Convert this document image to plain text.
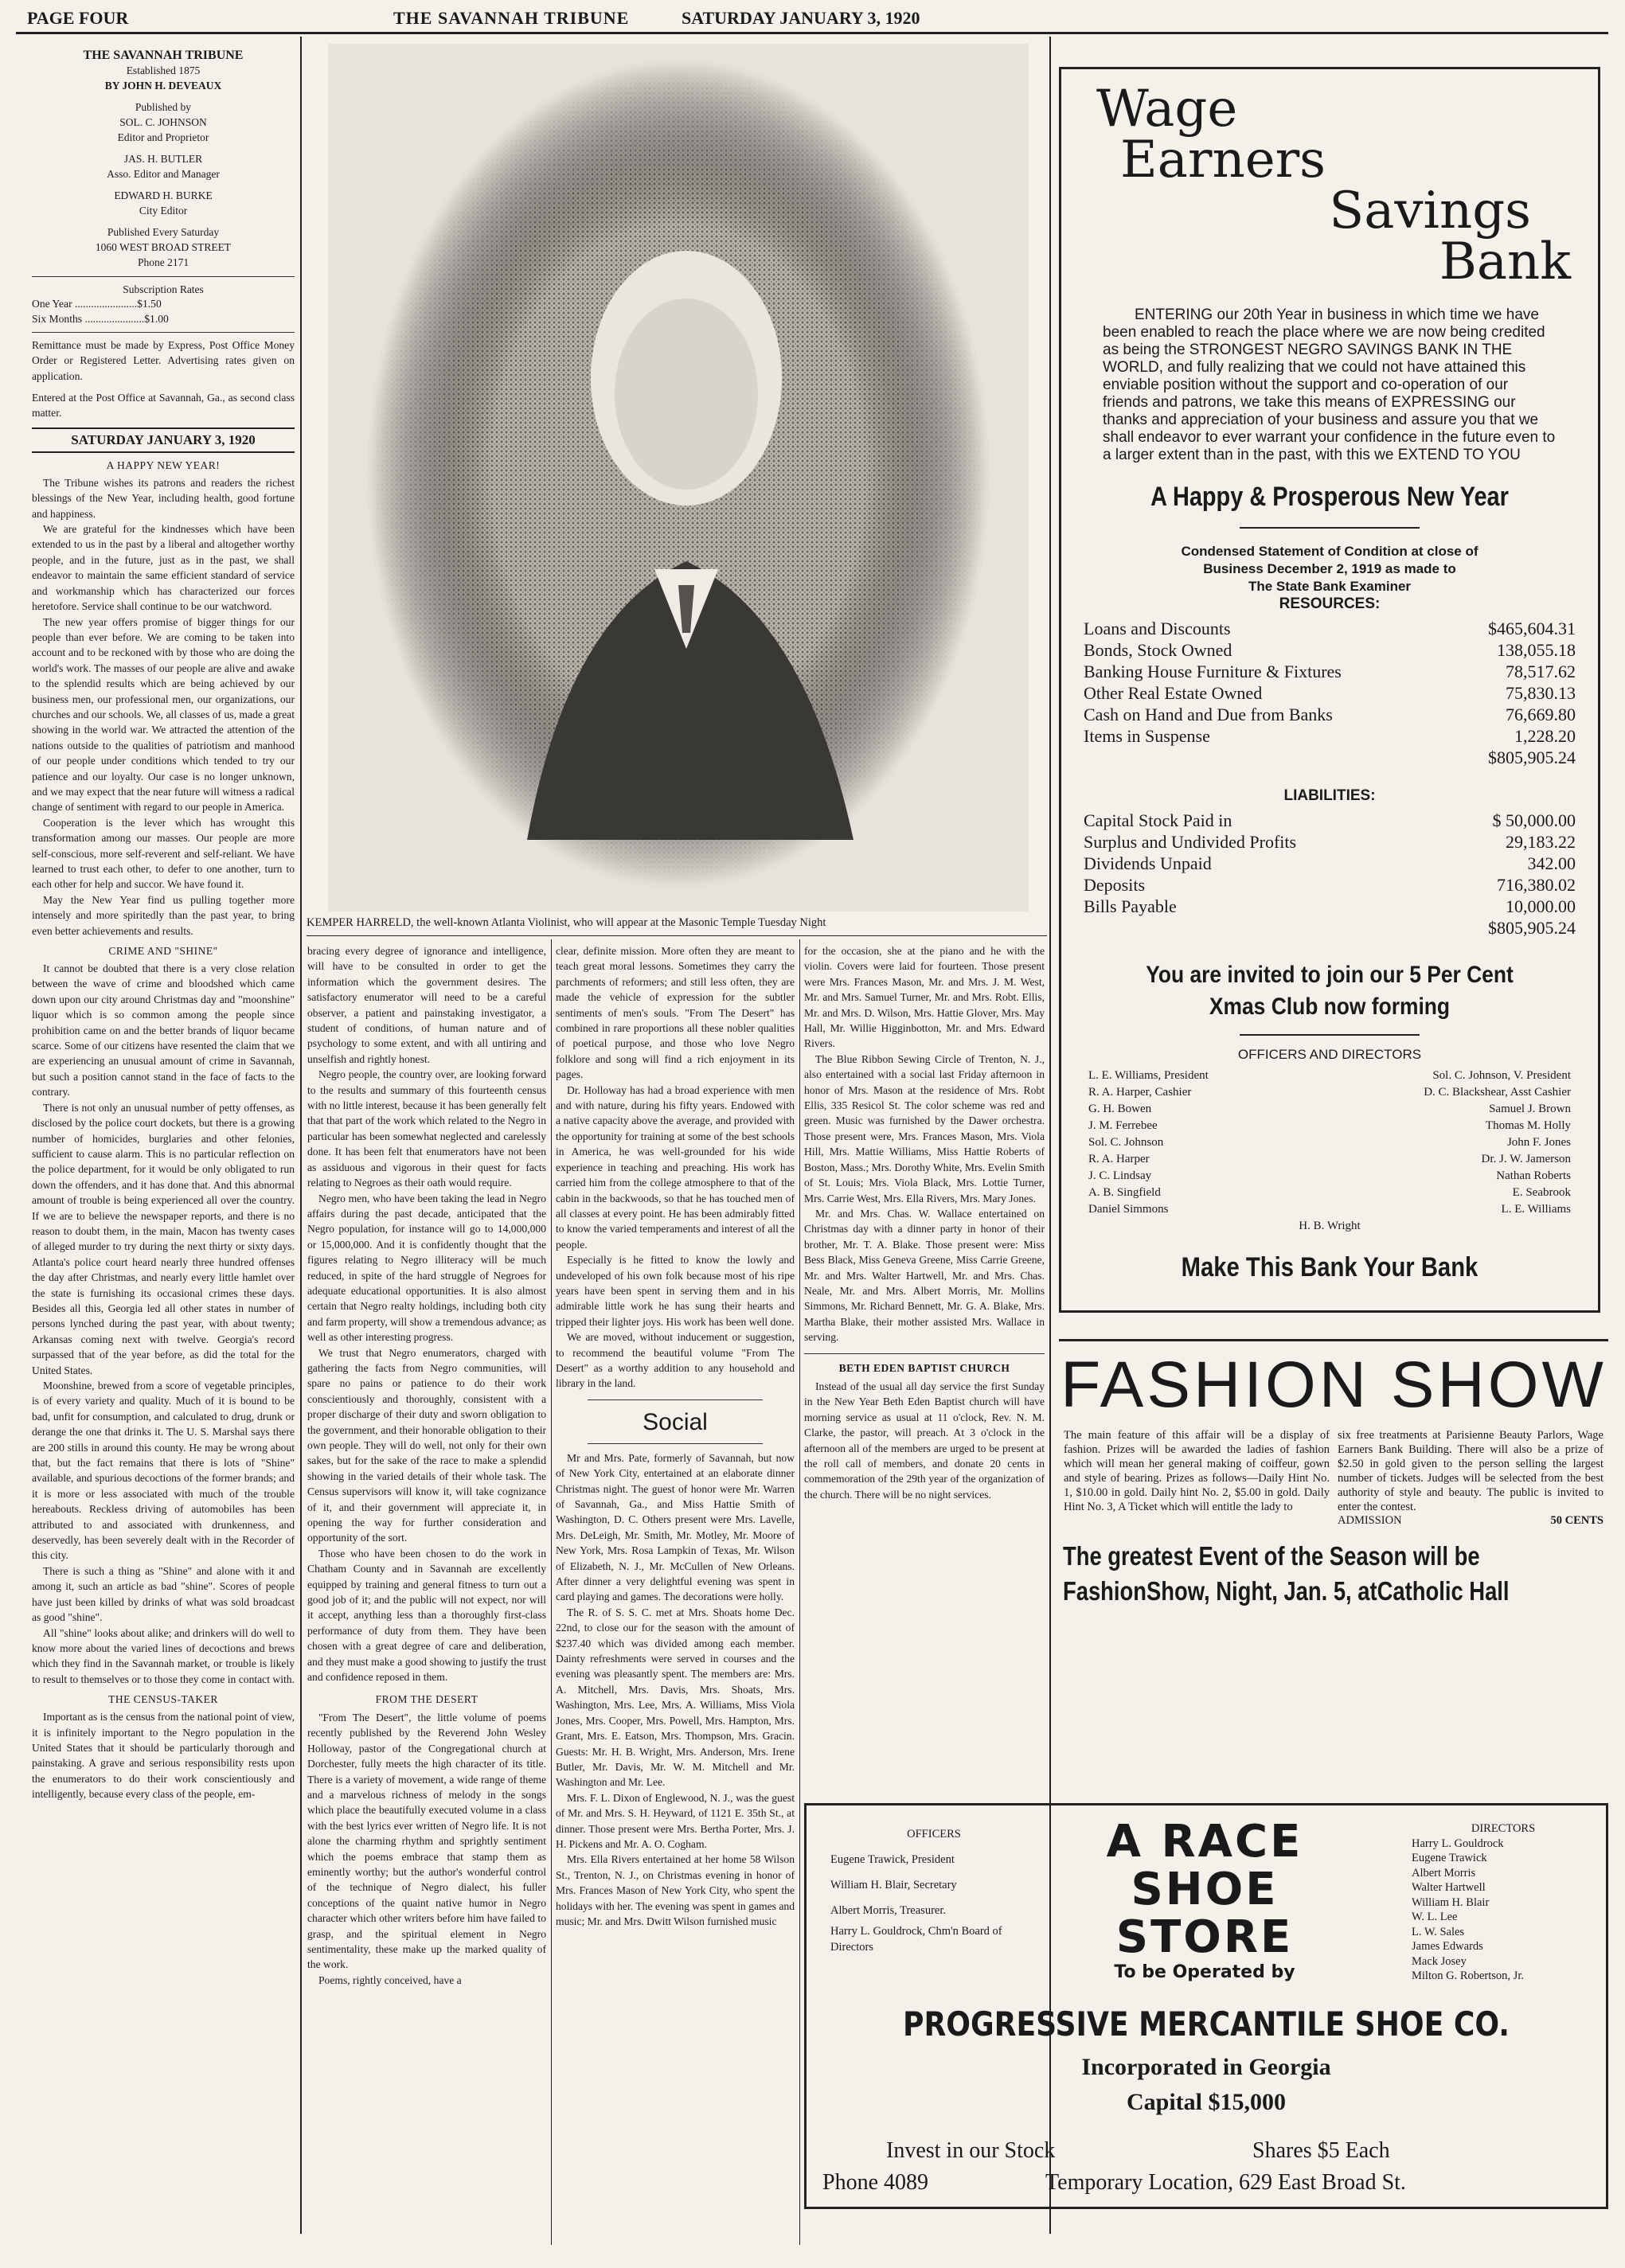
PAGE FOUR	THE SAVANNAH TRIBUNE	SATURDAY JANUARY 3, 1920
THE SAVANNAH TRIBUNE
Established 1875
BY JOHN H. DEVEAUX
Published by
SOL. C. JOHNSON
Editor and Proprietor
JAS. H. BUTLER
Asso. Editor and Manager
EDWARD H. BURKE
City Editor
Published Every Saturday
1060 WEST BROAD STREET
Phone 2171
Subscription Rates
One Year .......................$1.50
Six Months ......................$1.00
Remittance must be made by Express, Post Office Money Order or Registered Letter. Advertising rates given on application.
Entered at the Post Office at Savannah, Ga., as second class matter.
SATURDAY JANUARY 3, 1920
A HAPPY NEW YEAR!

The Tribune wishes its patrons and readers the richest blessings of the New Year, including health, good fortune and happiness.

We are grateful for the kindnesses which have been extended to us in the past by a liberal and altogether worthy people, and in the future, just as in the past, we shall endeavor to maintain the same efficient standard of service and workmanship which has characterized our forces heretofore. Service shall continue to be our watchword.

The new year offers promise of bigger things for our people than ever before. We are coming to be taken into account and to be reckoned with by those who are doing the world's work. The masses of our people are alive and awake to the splendid results which are being achieved by our business men, our professional men, our organizations, our churches and our schools. We, all classes of us, made a great showing in the world war. We attracted the attention of the nations outside to the qualities of patriotism and manhood of our people under conditions which tended to try our patience and our loyalty. Our case is no longer unknown, and we may expect that the near future will witness a radical change of sentiment with regard to our people in America.

Cooperation is the lever which has wrought this transformation among our masses. Our people are more self-conscious, more self-reverent and self-reliant. We have learned to trust each other, to defer to one another, turn to each other for help and succor. We have found it.

May the New Year find us pulling together more intensely and more spiritedly than the past year, to bring even better achievements and results.

CRIME AND "SHINE"

It cannot be doubted that there is a very close relation between the wave of crime and bloodshed which came down upon our city around Christmas day and "moonshine" liquor which is so common among the people since prohibition came on and the better brands of liquor became scarce. Some of our citizens have resented the claim that we are experiencing an unusual amount of crime in Savannah, but such a position cannot stand in the face of facts to the contrary.

There is not only an unusual number of petty offenses, as disclosed by the police court dockets, but there is a growing number of homicides, burglaries and other felonies, sufficient to cause alarm. This is no particular reflection on the police department, for it would be only obligated to run down the offenders, and it has done that. And this abnormal amount of trouble is being experienced all over the country. If we are to believe the newspaper reports, and there is no reason to doubt them, in the main, Macon has twenty cases of alleged murder to try during the next thirty or sixty days. Atlanta's police court heard nearly three hundred offenses the day after Christmas, and nearly every little hamlet over the state is furnishing its occasional crimes these days. Besides all this, Georgia led all other states in number of persons lynched during the past year, with about twenty; Arkansas coming next with twelve. Georgia's record surpassed that of the year before, as did the total for the United States.

Moonshine, brewed from a score of vegetable principles, is of every variety and quality. Much of it is bound to be bad, unfit for consumption, and calculated to drug, drunk or derange the one that drinks it. The U. S. Marshal says there are 200 stills in around this county. He may be wrong about that, but the fact remains that there is lots of "Shine" available, and spurious decoctions of the former brands; and it is more or less associated with much of the trouble hereabouts. Reckless driving of automobiles has been attributed to and associated with drunkenness, and deservedly, has been severely dealt with in the Recorder of this city.

There is such a thing as "Shine" and alone with it and among it, such an article as bad "shine". Scores of people have just been killed by drinks of what was sold broadcast as good "shine".

All "shine" looks about alike; and drinkers will do well to know more about the varied lines of decoctions and brews which they find in the Savannah market, or trouble is likely to result to themselves or to those they come in contact with.

THE CENSUS-TAKER

Important as is the census from the national point of view, it is infinitely important to the Negro population in the United States that it should be particularly thorough and painstaking. A grave and serious responsibility rests upon the enumerators to do their work conscientiously and intelligently, because every class of the people, em-

KEMPER HARRELD, the well-known Atlanta Violinist, who will appear at the Masonic Temple Tuesday Night

bracing every degree of ignorance and intelligence, will have to be consulted in order to get the information which the government desires. The satisfactory enumerator will need to be a careful observer, a patient and painstaking investigator, a student of conditions, of human nature and of psychology to some extent, and with all untiring and unselfish and rightly honest.

Negro people, the country over, are looking forward to the results and summary of this fourteenth census with no little interest, because it has been generally felt that that part of the work which related to the Negro in particular has been somewhat neglected and carelessly done. It has been felt that enumerators have not been as assiduous and vigorous in their quest for facts relating to Negroes as their oath would require.

Negro men, who have been taking the lead in Negro affairs during the past decade, anticipated that the Negro population, for instance will go to 14,000,000 or 15,000,000. And it is confidently thought that the figures relating to Negro illiteracy will be much reduced, in spite of the hard struggle of Negroes for adequate educational opportunities. It is also almost certain that Negro realty holdings, including both city and farm property, will show a tremendous advance; as well as other interesting progress.

We trust that Negro enumerators, charged with gathering the facts from Negro communities, will spare no pains or patience to do their work conscientiously and thoroughly, consistent with a proper discharge of their duty and sworn obligation to the government, and their honorable obligation to their own people. They will do well, not only for their own sakes, but for the sake of the race to make a splendid showing in the varied details of their whole task. The Census supervisors will know it, will take cognizance of it, and their government will appreciate it, in opening the way for further consideration and opportunity of the sort.

Those who have been chosen to do the work in Chatham County and in Savannah are excellently equipped by training and general fitness to turn out a good job of it; and the public will not expect, nor will it accept, anything less than a thoroughly first-class performance of duty from them. They have been chosen with a great degree of care and deliberation, and they must make a good showing to justify the trust and confidence reposed in them.

FROM THE DESERT

"From The Desert", the little volume of poems recently published by the Reverend John Wesley Holloway, pastor of the Congregational church at Dorchester, fully meets the high character of its title. There is a variety of movement, a wide range of theme and a marvelous richness of melody in the songs which place the beautifully executed volume in a class with the best lyrics ever written of Negro life. It is not alone the charming rhythm and sprightly sentiment which the poems embrace that stamp them as eminently worthy; but the author's wonderful control of the technique of Negro dialect, his fuller conceptions of the quaint native humor in Negro character which other writers before him have failed to grasp, and the spiritual element in Negro sentimentality, these make up the marked quality of the work.

Poems, rightly conceived, have a

clear, definite mission. More often they are meant to teach great moral lessons. Sometimes they carry the parchments of reformers; and still less often, they are made the vehicle of expression for the subtler sentiments of men's souls. "From The Desert" has combined in rare proportions all these nobler qualities of poetical purpose, and those who love Negro folklore and song will find a rich enjoyment in its pages.

Dr. Holloway has had a broad experience with men and with nature, during his fifty years. Endowed with a native capacity above the average, and provided with the opportunity for training at some of the best schools in America, he was well-grounded for his wide experience in teaching and preaching. His work has carried him from the college atmosphere to that of the cabin in the backwoods, so that he has touched men of all classes at every point. He has been admirably fitted to know the varied temperaments and interest of all the people.

Especially is he fitted to know the lowly and undeveloped of his own folk because most of his ripe years have been spent in serving them and in his admirable little work he has sung their hearts and tripped their lighter joys. His work has been well done.

We are moved, without inducement or suggestion, to recommend the beautiful volume "From The Desert" as a worthy addition to any household and library in the land.

Social

Mr and Mrs. Pate, formerly of Savannah, but now of New York City, entertained at an elaborate dinner Christmas night. The guest of honor were Mr. Warren of Savannah, Ga., and Miss Hattie Smith of Washington, D. C. Others present were Mrs. Lavelle, Mrs. DeLeigh, Mr. Smith, Mr. Motley, Mr. Moore of New York, Mrs. Rosa Lampkin of Texas, Mr. Wilson of Elizabeth, N. J., Mr. McCullen of New Orleans. After dinner a very delightful evening was spent in card playing and games. The decorations were holly.

The R. of S. S. C. met at Mrs. Shoats home Dec. 22nd, to close our for the season with the amount of $237.40 which was divided among each member. Dainty refreshments were served in courses and the evening was pleasantly spent. The members are: Mrs. A. Mitchell, Mrs. Davis, Mrs. Shoats, Mrs. Washington, Mrs. Lee, Mrs. A. Williams, Miss Viola Jones, Mrs. Cooper, Mrs. Powell, Mrs. Hampton, Mrs. Grant, Mrs. E. Eatson, Mrs. Thompson, Mrs. Gracin. Guests: Mr. H. B. Wright, Mrs. Anderson, Mrs. Irene Butler, Mr. Davis, Mr. W. M. Mitchell and Mr. Washington and Mr. Lee.

Mrs. F. L. Dixon of Englewood, N. J., was the guest of Mr. and Mrs. S. H. Heyward, of 1121 E. 35th St., at dinner. Those present were Mrs. Bertha Porter, Mrs. J. H. Pickens and Mr. A. O. Cogham.

Mrs. Ella Rivers entertained at her home 58 Wilson St., Trenton, N. J., on Christmas evening in honor of Mrs. Frances Mason of New York City, who spent the holidays with her. The evening was spent in games and music; Mr. and Mrs. Dwitt Wilson furnished music

for the occasion, she at the piano and he with the violin. Covers were laid for fourteen. Those present were Mrs. Frances Mason, Mr. and Mrs. J. M. West, Mr. and Mrs. Samuel Turner, Mr. and Mrs. Robt. Ellis, Mr. and Mrs. D. Wilson, Mrs. Hattie Glover, Mrs. May Hall, Mr. Willie Higginbotton, Mr. and Mrs. Edward Rivers.

The Blue Ribbon Sewing Circle of Trenton, N. J., also entertained with a social last Friday afternoon in honor of Mrs. Mason at the residence of Mrs. Robt Ellis, 335 Resicol St. The color scheme was red and green. Music was furnished by the Dawer orchestra. Those present were, Mrs. Frances Mason, Mrs. Viola Hill, Mrs. Mattie Williams, Miss Hattie Roberts of Boston, Mass.; Mrs. Dorothy White, Mrs. Evelin Smith of St. Louis; Mrs. Viola Black, Mrs. Lottie Turner, Mrs. Carrie West, Mrs. Ella Rivers, Mrs. Mary Jones.

Mr. and Mrs. Chas. W. Wallace entertained on Christmas day with a dinner party in honor of their brother, Mr. T. A. Blake. Those present were: Miss Bess Black, Miss Geneva Greene, Miss Carrie Greene, Mr. and Mrs. Walter Hartwell, Mr. and Mrs. Chas. Neale, Mr. and Mrs. Albert Morris, Mr. Mollins Simmons, Mr. Richard Bennett, Mr. G. A. Blake, Mrs. Martha Blake, their mother assisted Mrs. Wallace in serving.

BETH EDEN BAPTIST CHURCH

Instead of the usual all day service the first Sunday in the New Year Beth Eden Baptist church will have morning service as usual at 11 o'clock, Rev. N. M. Clarke, the pastor, will preach. At 3 o'clock in the afternoon all of the members are urged to be present at the roll call of members, and donate 20 cents in commemoration of the 29th year of the organization of the church. There will be no night services.

Wage
Earners
Savings
Bank
ENTERING our 20th Year in business in which time we have been enabled to reach the place where we are now being credited as being the STRONGEST NEGRO SAVINGS BANK IN THE WORLD, and fully realizing that we could not have attained this enviable position without the support and co-operation of our friends and patrons, we take this means of EXPRESSING our thanks and appreciation of your business and assure you that we shall endeavor to ever warrant your confidence in the future even to a larger extent than in the past, with this we EXTEND TO YOU
A Happy & Prosperous New Year
Condensed Statement of Condition at close of
Business December 2, 1919 as made to
The State Bank Examiner
RESOURCES:
Loans and Discounts	$465,604.31
Bonds, Stock Owned	138,055.18
Banking House Furniture & Fixtures	78,517.62
Other Real Estate Owned	75,830.13
Cash on Hand and Due from Banks	76,669.80
Items in Suspense	1,228.20
$805,905.24
LIABILITIES:
Capital Stock Paid in	$ 50,000.00
Surplus and Undivided Profits	29,183.22
Dividends Unpaid	342.00
Deposits	716,380.02
Bills Payable	10,000.00
$805,905.24
You are invited to join our 5 Per Cent Xmas Club now forming
OFFICERS AND DIRECTORS
L. E. Williams, President	Sol. C. Johnson, V. President
R. A. Harper, Cashier	D. C. Blackshear, Asst Cashier
G. H. Bowen	Samuel J. Brown
J. M. Ferrebee	Thomas M. Holly
Sol. C. Johnson	John F. Jones
R. A. Harper	Dr. J. W. Jamerson
J. C. Lindsay	Nathan Roberts
A. B. Singfield	E. Seabrook
Daniel Simmons	L. E. Williams
H. B. Wright
Make This Bank Your Bank
FASHION SHOW
The main feature of this affair will be a display of fashion. Prizes will be awarded the ladies of fashion which will mean her general making of coiffeur, gown and style of bearing. Prizes as follows—Daily Hint No. 1, $10.00 in gold. Daily hint No. 2, $5.00 in gold. Daily Hint No. 3, A Ticket which will entitle the lady to
six free treatments at Parisienne Beauty Parlors, Wage Earners Bank Building. There will also be a prize of $2.50 in gold given to the person selling the largest number of tickets. Judges will be selected from the best authority of style and beauty. The public is invited to enter the contest.
ADMISSION	50 CENTS
The greatest Event of the Season will be FashionShow, Night, Jan. 5, atCatholic Hall
OFFICERS
Eugene Trawick, President
William H. Blair, Secretary
Albert Morris, Treasurer.
Harry L. Gouldrock, Chm'n Board of Directors
A RACE
SHOE
STORE
To be Operated by
DIRECTORS
Harry L. Gouldrock
Eugene Trawick
Albert Morris
Walter Hartwell
William H. Blair
W. L. Lee
L. W. Sales
James Edwards
Mack Josey
Milton G. Robertson, Jr.
PROGRESSIVE MERCANTILE SHOE CO.
Incorporated in Georgia
Capital $15,000
Invest in our Stock	Shares $5 Each
Phone 4089	Temporary Location, 629 East Broad St.
